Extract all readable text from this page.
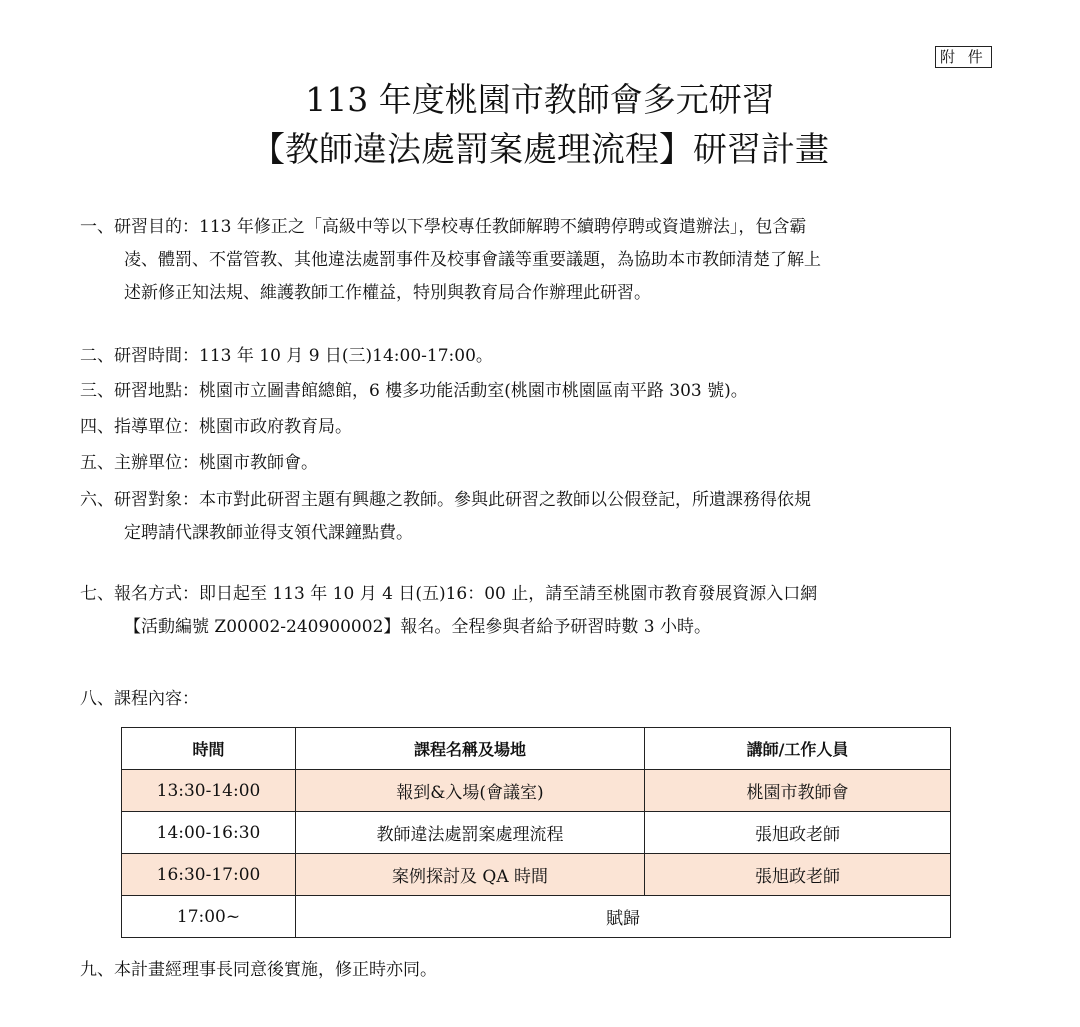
附 件
113 年度桃園市教師會多元研習
【教師違法處罰案處理流程】研習計畫
一、研習目的：113 年修正之「高級中等以下學校專任教師解聘不續聘停聘或資遣辦法」，包含霸
凌、體罰、不當管教、其他違法處罰事件及校事會議等重要議題，為協助本市教師清楚了解上
述新修正知法規、維護教師工作權益，特別與教育局合作辦理此研習。
二、研習時間：113 年 10 月 9 日(三)14:00-17:00。
三、研習地點：桃園市立圖書館總館，6 樓多功能活動室(桃園市桃園區南平路 303 號)。
四、指導單位：桃園市政府教育局。
五、主辦單位：桃園市教師會。
六、研習對象：本市對此研習主題有興趣之教師。參與此研習之教師以公假登記，所遺課務得依規
定聘請代課教師並得支領代課鐘點費。
七、報名方式：即日起至 113 年 10 月 4 日(五)16：00 止，請至請至桃園市教育發展資源入口網
【活動編號 Z00002-240900002】報名。全程參與者給予研習時數 3 小時。
八、課程內容：
時間	課程名稱及場地	講師/工作人員
13:30-14:00	報到&入場(會議室)	桃園市教師會
14:00-16:30	教師違法處罰案處理流程	張旭政老師
16:30-17:00	案例探討及 QA 時間	張旭政老師
17:00~	賦歸	
九、本計畫經理事長同意後實施，修正時亦同。
